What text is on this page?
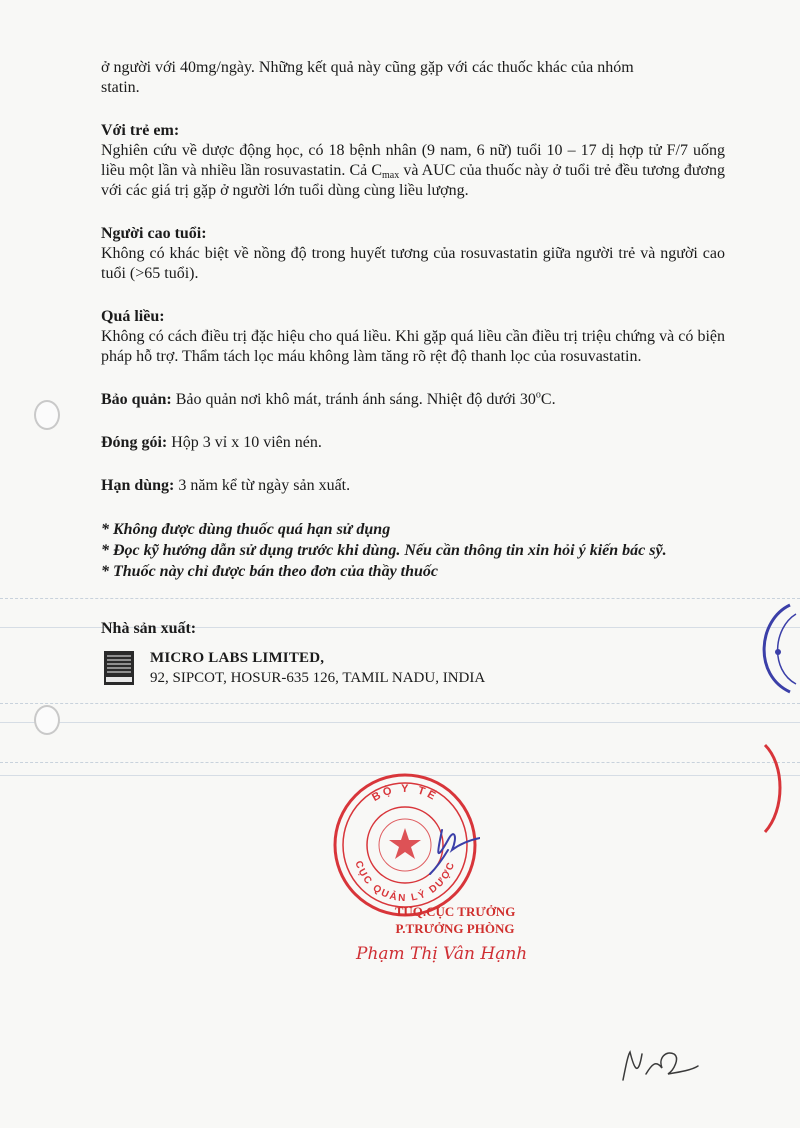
ở người với 40mg/ngày. Những kết quả này cũng gặp với các thuốc khác của nhóm
statin.

Với trẻ em:

Nghiên cứu về dược động học, có 18 bệnh nhân (9 nam, 6 nữ) tuổi 10 – 17 dị hợp tử F/7 uống liều một lần và nhiều lần rosuvastatin. Cả $C_{max}$ và AUC của thuốc này ở tuổi trẻ đều tương đương với các giá trị gặp ở người lớn tuổi dùng cùng liều lượng.

Người cao tuổi:

Không có khác biệt về nồng độ trong huyết tương của rosuvastatin giữa người trẻ và người cao tuổi (>65 tuổi).

Quá liều:

Không có cách điều trị đặc hiệu cho quá liều. Khi gặp quá liều cần điều trị triệu chứng và có biện pháp hỗ trợ. Thẩm tách lọc máu không làm tăng rõ rệt độ thanh lọc của rosuvastatin.

Bảo quản: Bảo quản nơi khô mát, tránh ánh sáng. Nhiệt độ dưới 30$^o$C.

Đóng gói: Hộp 3 vỉ x 10 viên nén.

Hạn dùng: 3 năm kể từ ngày sản xuất.

* Không được dùng thuốc quá hạn sử dụng

* Đọc kỹ hướng dẫn sử dụng trước khi dùng. Nếu cần thông tin xin hỏi ý kiến bác sỹ.

* Thuốc này chỉ được bán theo đơn của thầy thuốc

Nhà sản xuất:
MICRO LABS LIMITED,
92, SIPCOT, HOSUR-635 126, TAMIL NADU, INDIA
BỘ Y TẾ
CỤC QUẢN LÝ DƯỢC
TUQ.CỤC TRƯỞNG
P.TRƯỞNG PHÒNG
Phạm Thị Vân Hạnh
